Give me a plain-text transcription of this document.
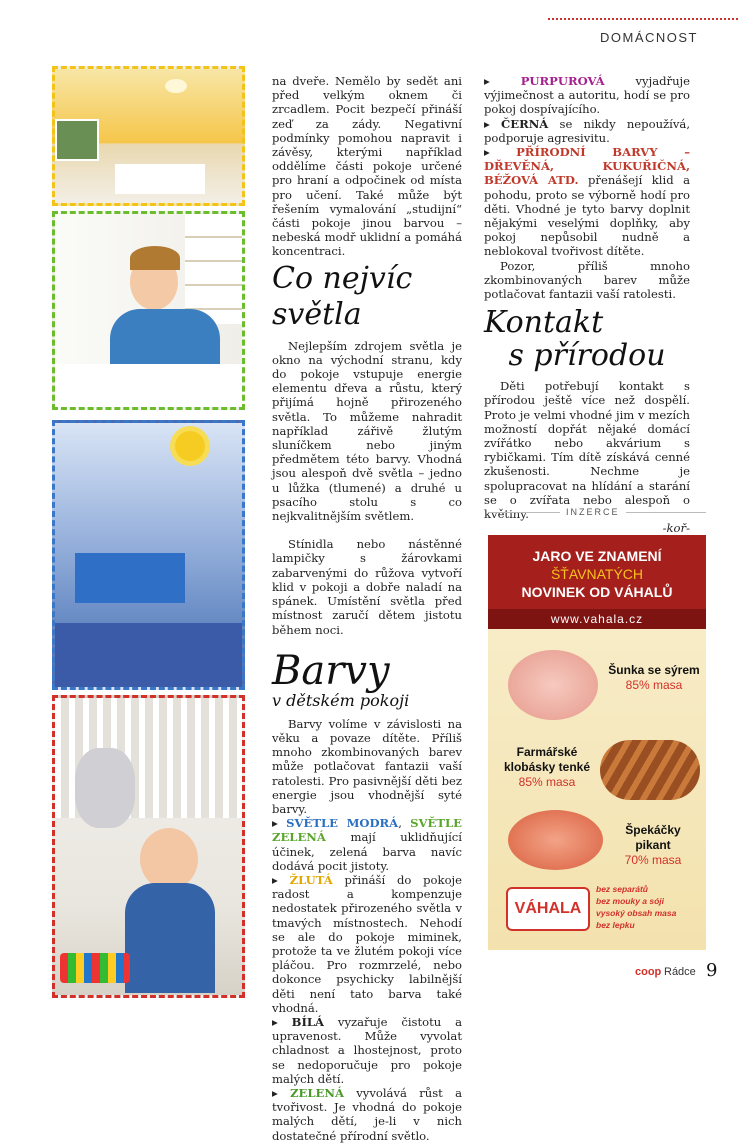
DOMÁCNOST

na dveře. Nemělo by sedět ani před velkým oknem či zrcadlem. Pocit bezpečí přináší zeď za zády. Negativní podmínky pomohou napravit i závěsy, kterými například oddělíme části pokoje určené pro hraní a odpočinek od místa pro učení. Také může být řešením vymalování „studijní“ části pokoje jinou barvou – nebeská modř uklidní a pomáhá koncentraci.

Co nejvíc světla

Nejlepším zdrojem světla je okno na východní stranu, kdy do pokoje vstupuje energie elementu dřeva a růstu, který přijímá hojně přirozeného světla. To můžeme nahradit například zářivě žlutým sluníčkem nebo jiným předmětem této barvy. Vhodná jsou alespoň dvě světla – jedno u lůžka (tlumené) a druhé u psacího stolu s co nejkvalitnějším světlem.

Stínidla nebo nástěnné lampičky s žárovkami zabarvenými do růžova vytvoří klid v pokoji a dobře naladí na spánek. Umístění světla před místnost zaručí dětem jistotu během noci.

Barvy
v dětském pokoji

Barvy volíme v závislosti na věku a povaze dítěte. Příliš mnoho zkombinovaných barev může potlačovat fantazii vaší ratolesti. Pro pasivnější děti bez energie jsou vhodnější syté barvy.

▸ SVĚTLE MODRÁ, SVĚTLE ZELENÁ mají uklidňující účinek, zelená barva navíc dodává pocit jistoty.

▸ ŽLUTÁ přináší do pokoje radost a kompenzuje nedostatek přirozeného světla v tmavých místnostech. Nehodí se ale do pokoje miminek, protože ta ve žlutém pokoji více pláčou. Pro rozmrzelé, nebo dokonce psychicky labilnější děti není tato barva také vhodná.

▸ BÍLÁ vyzařuje čistotu a upravenost. Může vyvolat chladnost a lhostejnost, proto se nedoporučuje pro pokoje malých dětí.

▸ ZELENÁ vyvolává růst a tvořivost. Je vhodná do pokoje malých dětí, je-li v nich dostatečné přírodní světlo.

▸ PURPUROVÁ vyjadřuje výjimečnost a autoritu, hodí se pro pokoj dospívajícího.

▸ ČERNÁ se nikdy nepoužívá, podporuje agresivitu.

▸ PŘÍRODNÍ BARVY – DŘEVĚNÁ, KUKUŘIČNÁ, BÉŽOVÁ ATD. přenášejí klid a pohodu, proto se výborně hodí pro děti. Vhodné je tyto barvy doplnit nějakými veselými doplňky, aby pokoj nepůsobil nudně a neblokoval tvořivost dítěte.

Pozor, příliš mnoho zkombinovaných barev může potlačovat fantazii vaší ratolesti.

Kontakt
s přírodou

Děti potřebují kontakt s přírodou ještě více než dospělí. Proto je velmi vhodné jim v mezích možností dopřát nějaké domácí zvířátko nebo akvárium s rybičkami. Tím dítě získává cenné zkušenosti. Nechme je spolupracovat na hlídání a starání se o zvířata nebo alespoň o květiny.

-koř-

INZERCE
JARO VE ZNAMENÍ
ŠŤAVNATÝCH
NOVINEK OD VÁHALŮ
www.vahala.cz
Šunka se sýrem
85% masa
Farmářské klobásky tenké
85% masa
Špekáčky pikant
70% masa
VÁHALA
bez separátů
bez mouky a sóji
vysoký obsah masa
bez lepku
coop Rádce 9
